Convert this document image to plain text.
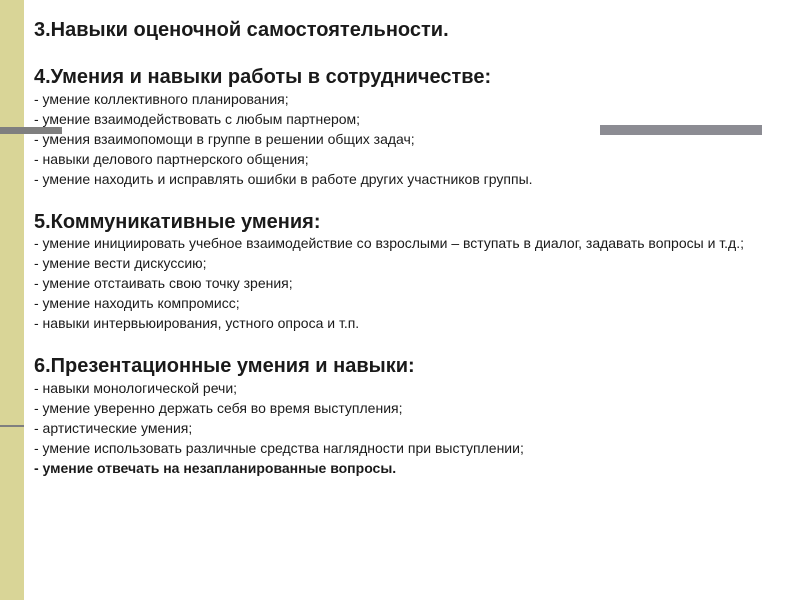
3.Навыки оценочной самостоятельности.

4.Умения и навыки работы в сотрудничестве:

- умение коллективного планирования;

- умение взаимодействовать с любым партнером;

- умения взаимопомощи в группе в решении общих задач;

- навыки делового партнерского общения;

- умение находить и исправлять ошибки в работе других участников группы.

5.Коммуникативные умения:

- умение инициировать учебное взаимодействие со взрослыми – вступать в диалог, задавать вопросы и т.д.;

- умение вести дискуссию;

- умение отстаивать свою точку зрения;

- умение находить компромисс;

- навыки интервьюирования, устного опроса и т.п.

6.Презентационные умения и навыки:

- навыки монологической речи;

- умение уверенно держать себя во время выступления;

- артистические умения;

- умение использовать различные средства наглядности при выступлении;

- умение отвечать на незапланированные вопросы.
